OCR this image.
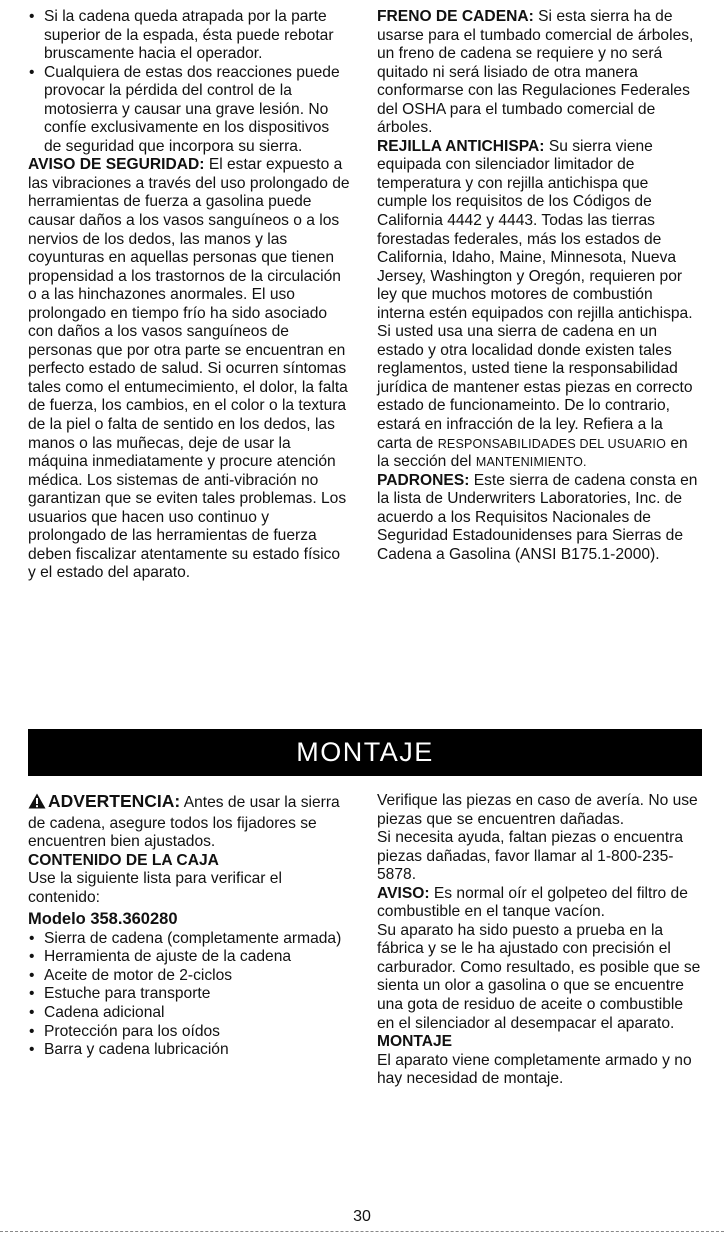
• Si la cadena queda atrapada por la parte superior de la espada, ésta puede rebotar bruscamente hacia el operador.
• Cualquiera de estas dos reacciones puede provocar la pérdida del control de la motosierra y causar una grave lesión. No confíe exclusivamente en los dispositivos de seguridad que incorpora su sierra.

AVISO DE SEGURIDAD: El estar expuesto a las vibraciones a través del uso prolongado de herramientas de fuerza a gasolina puede causar daños a los vasos sanguíneos o a los nervios de los dedos, las manos y las coyunturas en aquellas personas que tienen propensidad a los trastornos de la circulación o a las hinchazones anormales. El uso prolongado en tiempo frío ha sido asociado con daños a los vasos sanguíneos de personas que por otra parte se encuentran en perfecto estado de salud. Si ocurren síntomas tales como el entumecimiento, el dolor, la falta de fuerza, los cambios, en el color o la textura de la piel o falta de sentido en los dedos, las manos o las muñecas, deje de usar la máquina inmediatamente y procure atención médica. Los sistemas de anti-vibración no garantizan que se eviten tales problemas. Los usuarios que hacen uso continuo y prolongado de las herramientas de fuerza deben fiscalizar atentamente su estado físico y el estado del aparato.

FRENO DE CADENA: Si esta sierra ha de usarse para el tumbado comercial de árboles, un freno de cadena se requiere y no será quitado ni será lisiado de otra manera conformarse con las Regulaciones Federales del OSHA para el tumbado comercial de árboles.

REJILLA ANTICHISPA: Su sierra viene equipada con silenciador limitador de temperatura y con rejilla antichispa que cumple los requisitos de los Códigos de California 4442 y 4443. Todas las tierras forestadas federales, más los estados de California, Idaho, Maine, Minnesota, Nueva Jersey, Washington y Oregón, requieren por ley que muchos motores de combustión interna estén equipados con rejilla antichispa. Si usted usa una sierra de cadena en un estado y otra localidad donde existen tales reglamentos, usted tiene la responsabilidad jurídica de mantener estas piezas en correcto estado de funcionameinto. De lo contrario, estará en infracción de la ley. Refiera a la carta de RESPONSABILIDADES DEL USUARIO en la sección del MANTENIMIENTO.

PADRONES: Este sierra de cadena consta en la lista de Underwriters Laboratories, Inc. de acuerdo a los Requisitos Nacionales de Seguridad Estadounidenses para Sierras de Cadena a Gasolina (ANSI B175.1-2000).

MONTAJE

ADVERTENCIA: Antes de usar la sierra de cadena, asegure todos los fijadores se encuentren bien ajustados.

CONTENIDO DE LA CAJA

Use la siguiente lista para verificar el contenido:

Modelo 358.360280

• Sierra de cadena (completamente armada)
• Herramienta de ajuste de la cadena
• Aceite de motor de 2-ciclos
• Estuche para transporte
• Cadena adicional
• Protección para los oídos
• Barra y cadena lubricación

Verifique las piezas en caso de avería. No use piezas que se encuentren dañadas.

Si necesita ayuda, faltan piezas o encuentra piezas dañadas, favor llamar al 1-800-235-5878.

AVISO: Es normal oír el golpeteo del filtro de combustible en el tanque vacíon.

Su aparato ha sido puesto a prueba en la fábrica y se le ha ajustado con precisión el carburador. Como resultado, es posible que se sienta un olor a gasolina o que se encuentre una gota de residuo de aceite o combustible en el silenciador al desempacar el aparato.

MONTAJE

El aparato viene completamente armado y no hay necesidad de montaje.

30
